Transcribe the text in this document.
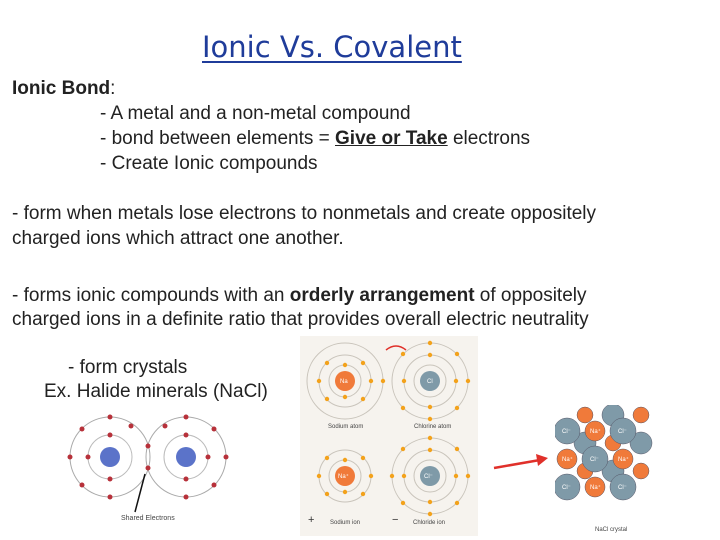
Ionic Vs. Covalent
Ionic Bond:
- A metal and a non-metal compound
- bond between elements = Give or Take electrons
- Create Ionic compounds
- form when metals lose electrons to nonmetals and create oppositely
charged ions which attract one another.
- forms ionic compounds with an orderly arrangement of oppositely
charged ions in a definite ratio that provides overall electric neutrality
- form crystals
Ex. Halide minerals (NaCl)
Shared Electrons
Na
Sodium atom
Cl
Chlorine atom
Na⁺
+	Sodium ion
Cl⁻
− Chloride ion
Cl⁻	Na⁺	Cl⁻
Na⁺	Cl⁻	Na⁺
Cl⁻	Na⁺	Cl⁻
NaCl crystal
